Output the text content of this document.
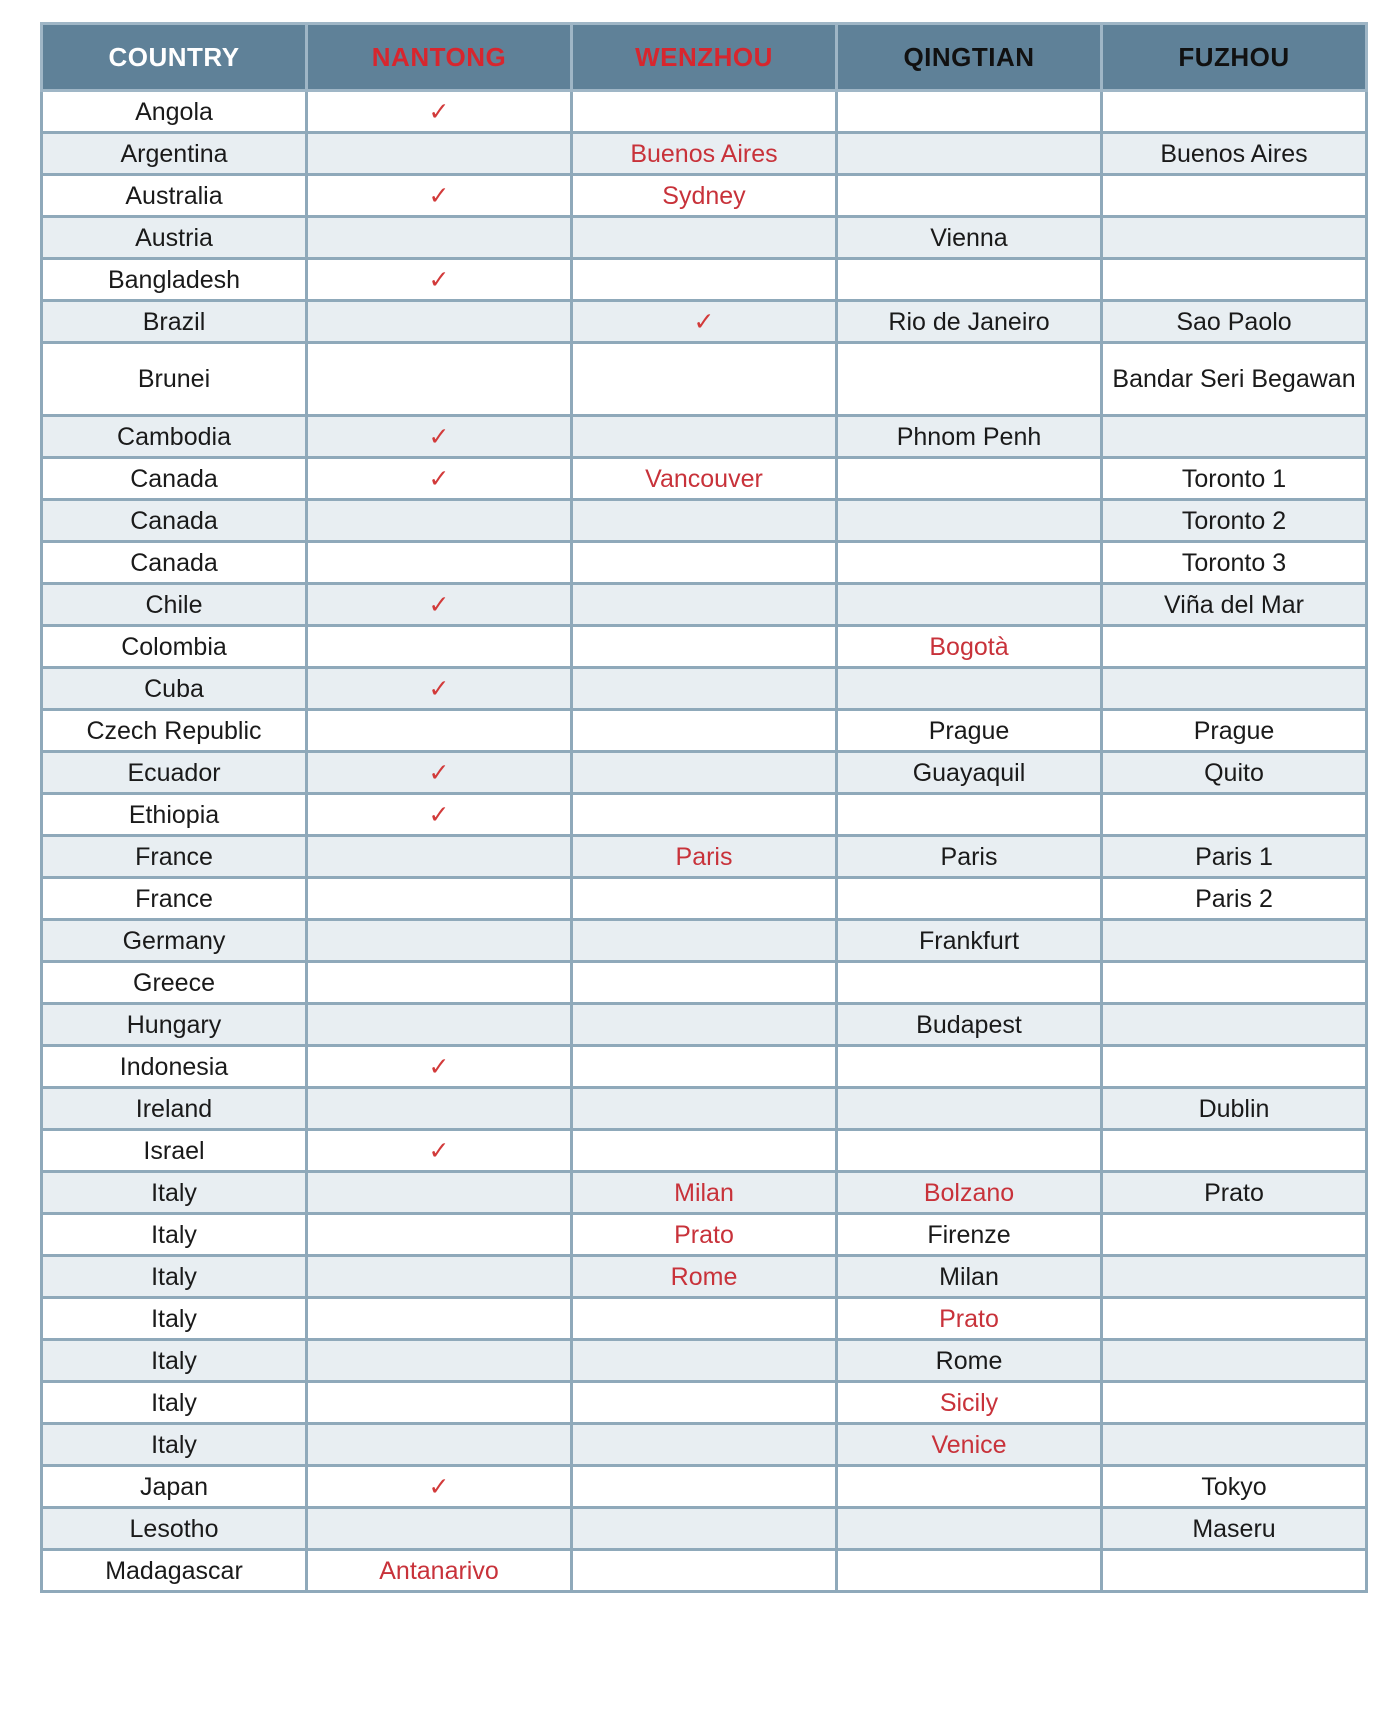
COUNTRY	NANTONG	WENZHOU	QINGTIAN	FUZHOU
Angola	✓			
Argentina		Buenos Aires		Buenos Aires
Australia	✓	Sydney		
Austria			Vienna	
Bangladesh	✓			
Brazil		✓	Rio de Janeiro	Sao Paolo
Brunei				Bandar Seri Begawan
Cambodia	✓		Phnom Penh	
Canada	✓	Vancouver		Toronto 1
Canada				Toronto 2
Canada				Toronto 3
Chile	✓			Viña del Mar
Colombia			Bogotà	
Cuba	✓			
Czech Republic			Prague	Prague
Ecuador	✓		Guayaquil	Quito
Ethiopia	✓			
France		Paris	Paris	Paris 1
France				Paris 2
Germany			Frankfurt	
Greece				
Hungary			Budapest	
Indonesia	✓			
Ireland				Dublin
Israel	✓			
Italy		Milan	Bolzano	Prato
Italy		Prato	Firenze	
Italy		Rome	Milan	
Italy			Prato	
Italy			Rome	
Italy			Sicily	
Italy			Venice	
Japan	✓			Tokyo
Lesotho				Maseru
Madagascar	Antanarivo			
